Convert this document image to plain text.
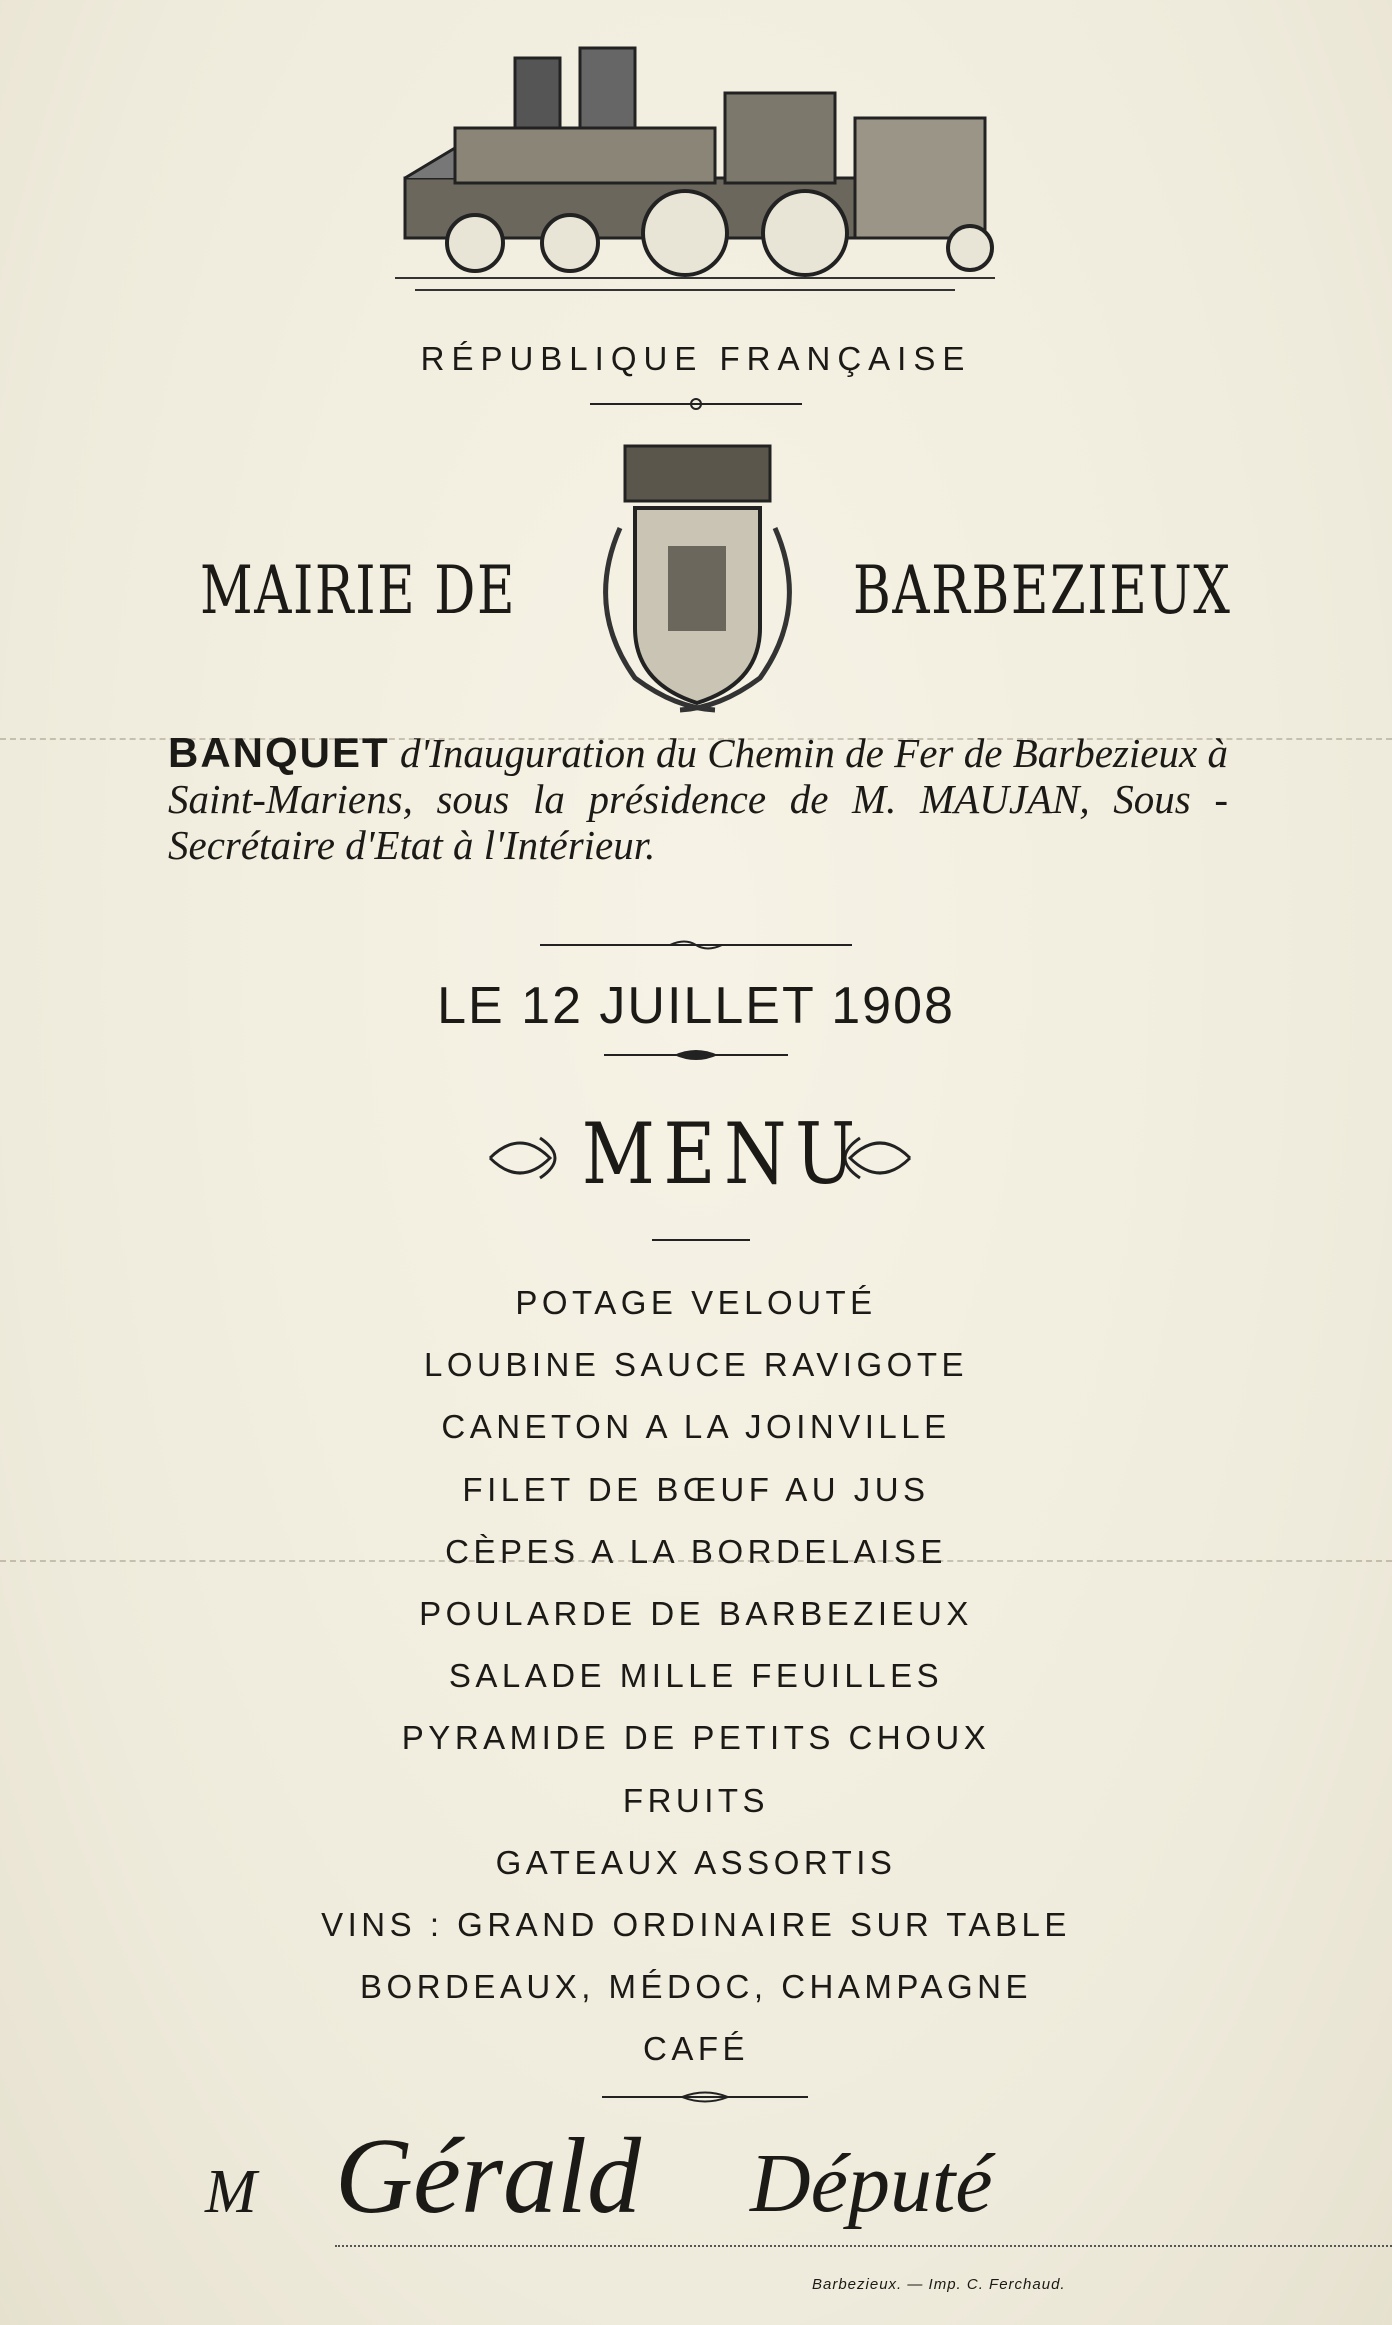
RÉPUBLIQUE FRANÇAISE
MAIRIE DE	BARBEZIEUX
BANQUET d'Inauguration du Chemin de Fer de Barbezieux à Saint-Mariens, sous la présidence de M. MAUJAN, Sous - Secrétaire d'Etat à l'Intérieur.
LE 12 JUILLET 1908
MENU
POTAGE VELOUTÉ
LOUBINE SAUCE RAVIGOTE
CANETON A LA JOINVILLE
FILET DE BŒUF AU JUS
CÈPES A LA BORDELAISE
POULARDE DE BARBEZIEUX
SALADE MILLE FEUILLES
PYRAMIDE DE PETITS CHOUX
FRUITS
GATEAUX ASSORTIS
VINS : GRAND ORDINAIRE SUR TABLE
BORDEAUX, MÉDOC, CHAMPAGNE
CAFÉ
M Gérald Député
Barbezieux. — Imp. C. Ferchaud.
